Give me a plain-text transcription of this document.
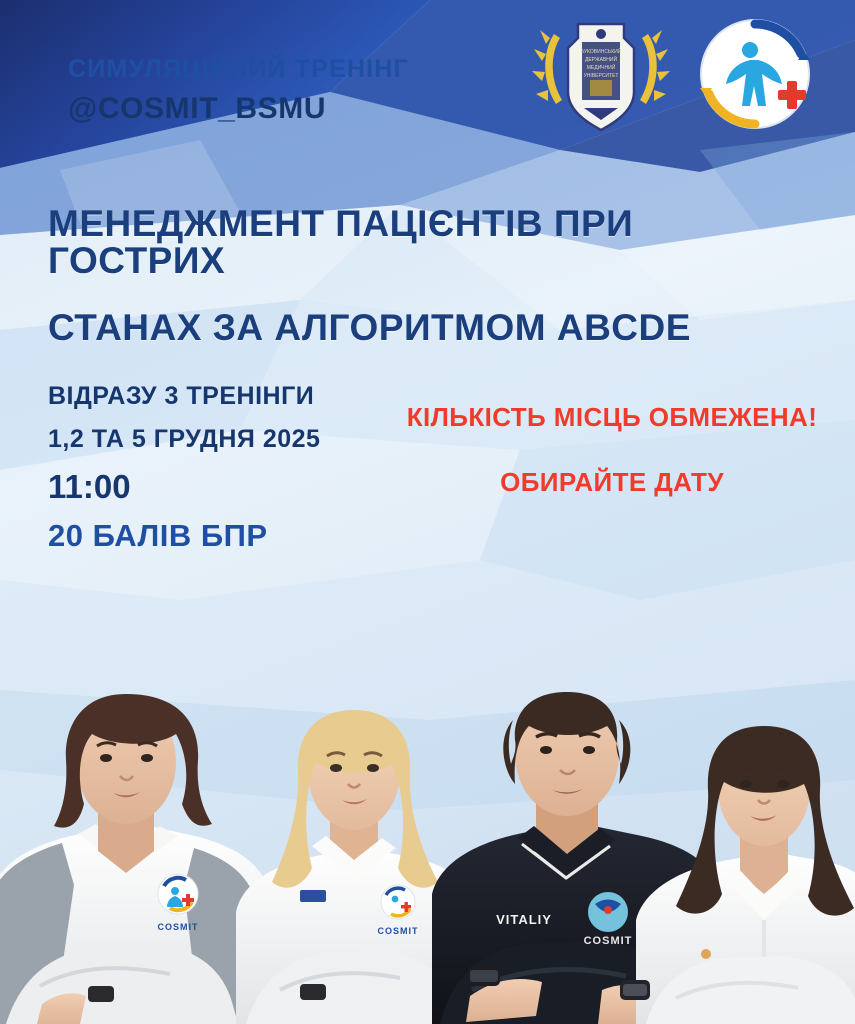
СИМУЛЯЦІЙНИЙ ТРЕНІНГ
@COSMIT_BSMU
БУКОВИНСЬКИЙ
ДЕРЖАВНИЙ
МЕДИЧНИЙ
УНІВЕРСИТЕТ
МЕНЕДЖМЕНТ ПАЦІЄНТІВ ПРИ ГОСТРИХ
СТАНАХ ЗА АЛГОРИТМОМ ABCDE
ВІДРАЗУ 3 ТРЕНІНГИ
1,2 ТА 5 ГРУДНЯ 2025
11:00
20 БАЛІВ БПР
КІЛЬКІСТЬ МІСЦЬ ОБМЕЖЕНА!
ОБИРАЙТЕ ДАТУ
COSMIT	COSMIT
VITALIY
COSMIT
